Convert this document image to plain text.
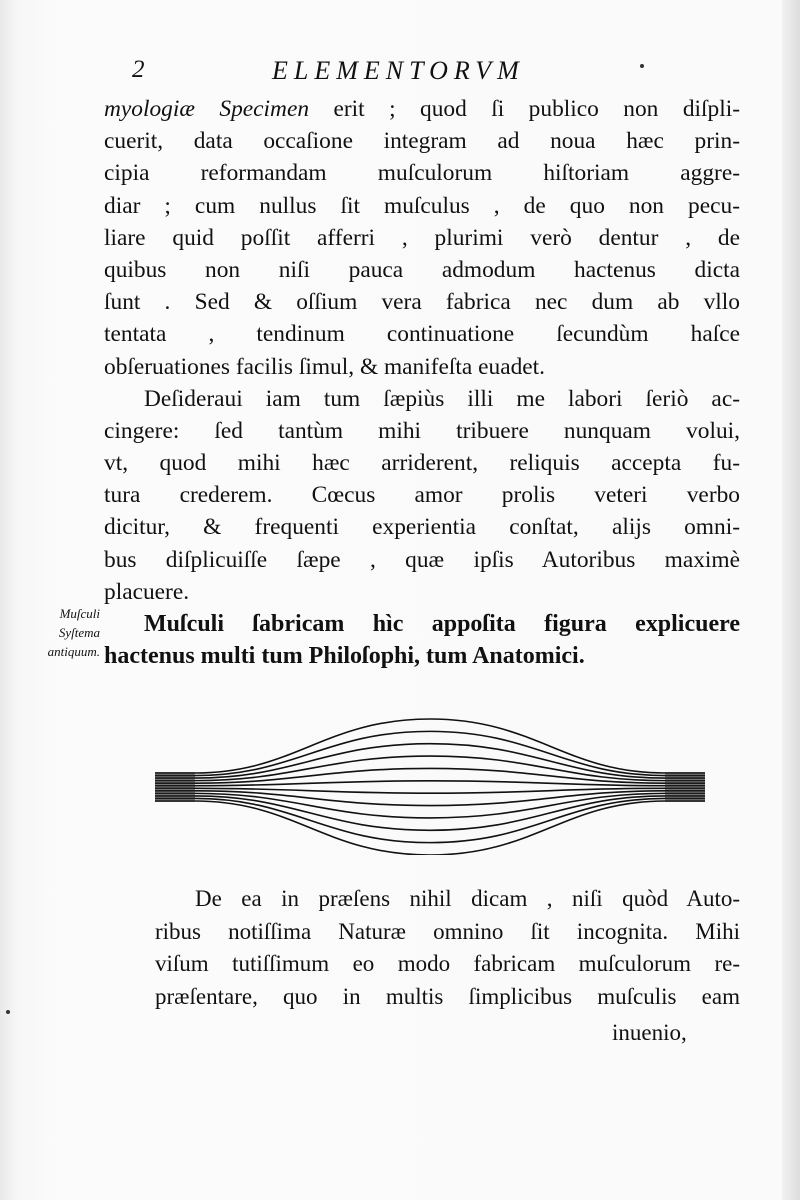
2	ELEMENTORVM
myologiæ Specimen erit ; quod ſi publico non diſpli-
cuerit, data occaſione integram ad noua hæc prin-
cipia reformandam muſculorum hiſtoriam aggre-
diar ; cum nullus ſit muſculus , de quo non pecu-
liare quid poſſit afferri , plurimi verò dentur , de
quibus non niſi pauca admodum hactenus dicta
ſunt . Sed & oſſium vera fabrica nec dum ab vllo
tentata , tendinum continuatione ſecundùm haſce
obſeruationes facilis ſimul, & manifeſta euadet.
Deſideraui iam tum ſæpiùs illi me labori ſeriò ac-
cingere: ſed tantùm mihi tribuere nunquam volui,
vt, quod mihi hæc arriderent, reliquis accepta fu-
tura crederem. Cœcus amor prolis veteri verbo
dicitur, & frequenti experientia conſtat, alijs omni-
bus diſplicuiſſe ſæpe , quæ ipſis Autoribus maximè
placuere.
Muſculi ſabricam hìc appoſita figura explicuere
hactenus multi tum Philoſophi, tum Anatomici.
Muſculi
Syſtema
antiquum.
De ea in præſens nihil dicam , niſi quòd Auto-
ribus notiſſima Naturæ omnino ſit incognita. Mihi
viſum tutiſſimum eo modo fabricam muſculorum re-
præſentare, quo in multis ſimplicibus muſculis eam
inuenio,
